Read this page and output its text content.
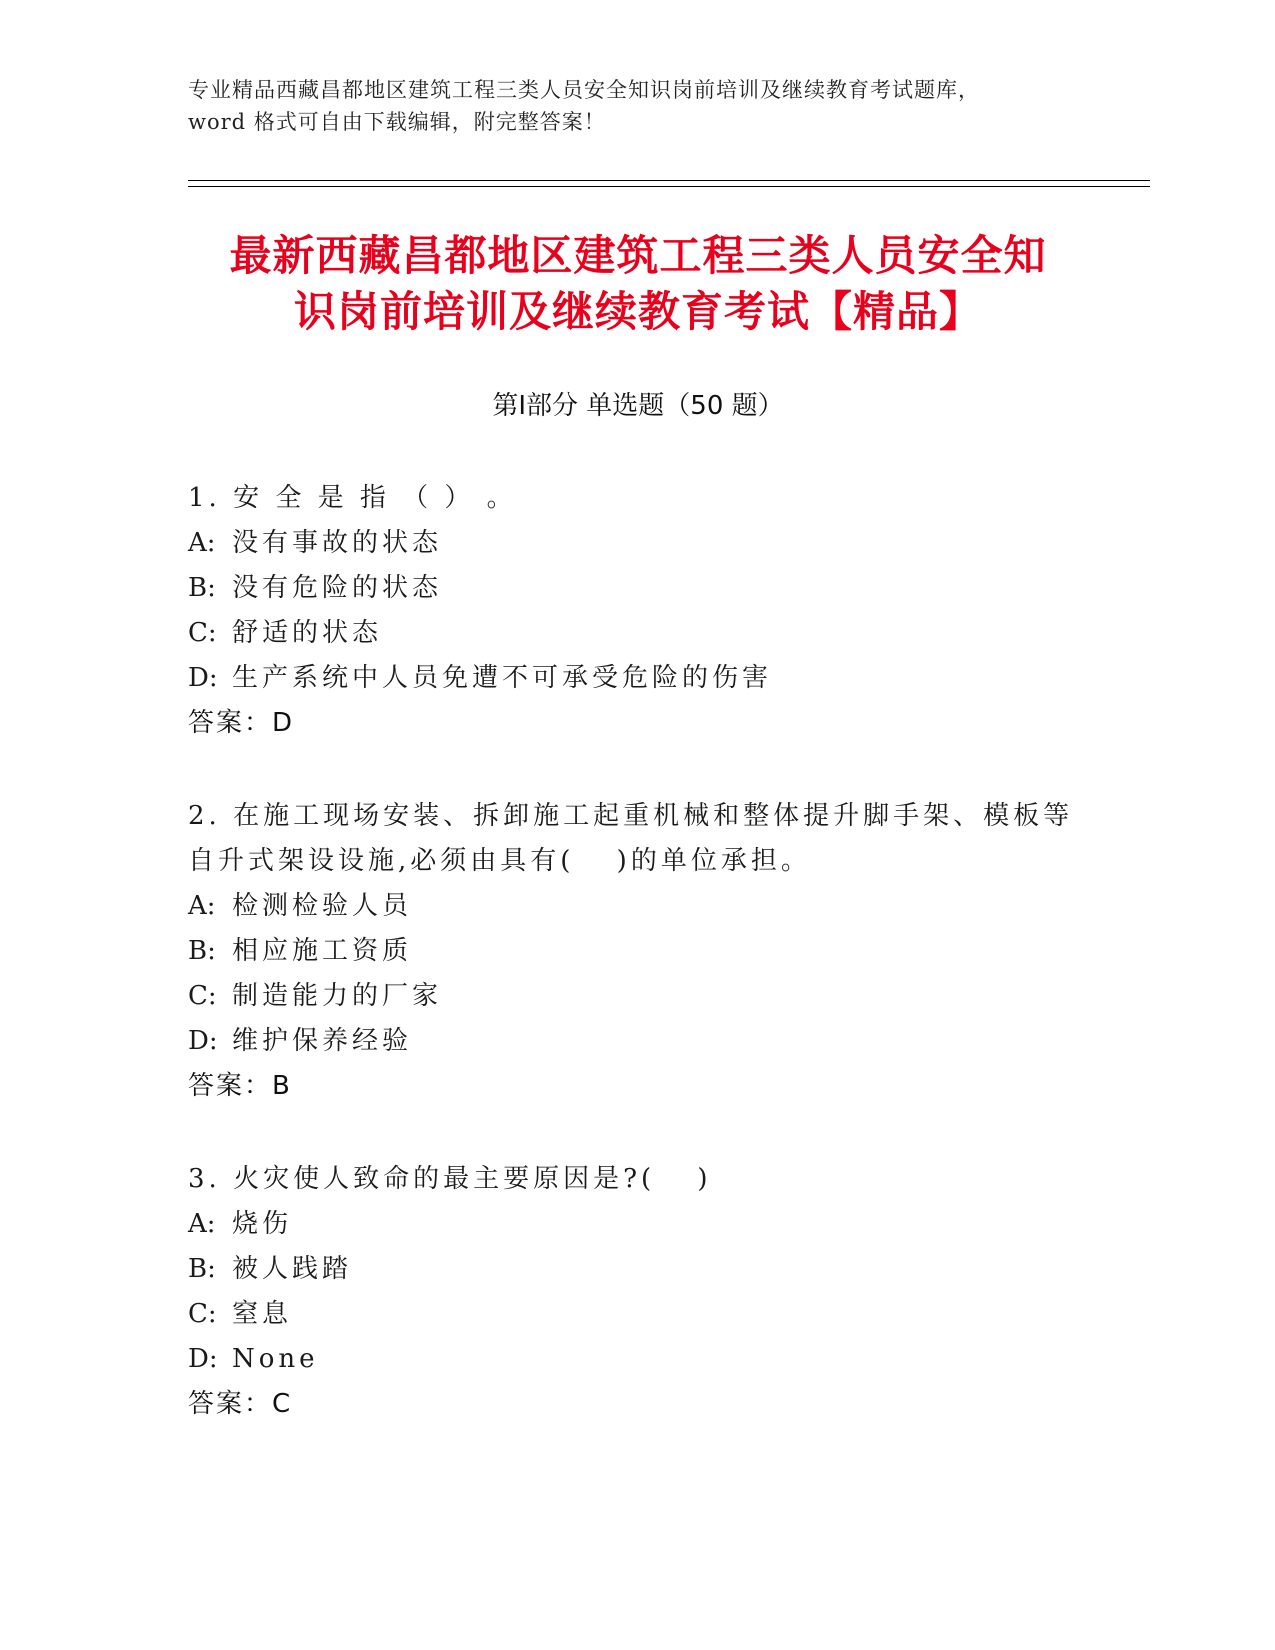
专业精品西藏昌都地区建筑工程三类人员安全知识岗前培训及继续教育考试题库，
word 格式可自由下载编辑，附完整答案！
最新西藏昌都地区建筑工程三类人员安全知
识岗前培训及继续教育考试【精品】
第Ⅰ部分 单选题（50 题）

1. 安 全 是 指 （ ） 。

A: 没有事故的状态

B: 没有危险的状态

C: 舒适的状态

D: 生产系统中人员免遭不可承受危险的伤害

答案：D

2. 在施工现场安装、拆卸施工起重机械和整体提升脚手架、模板等自升式架设设施,必须由具有(　 )的单位承担。

A: 检测检验人员

B: 相应施工资质

C: 制造能力的厂家

D: 维护保养经验

答案：B

3. 火灾使人致命的最主要原因是?(　 )

A: 烧伤

B: 被人践踏

C: 窒息

D: None

答案：C
